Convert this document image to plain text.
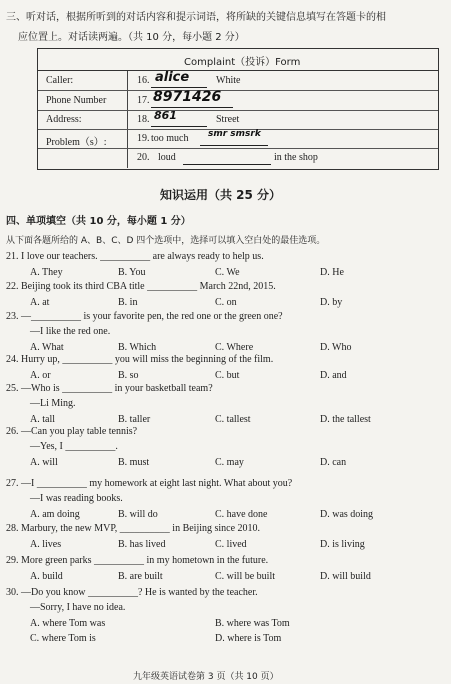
三、听对话，根据所听到的对话内容和提示词语，将所缺的关键信息填写在答题卡的相
应位置上。对话读两遍。（共 10 分，每小题 2 分）
Complaint（投诉）Form
Caller:	16. alice	White
Phone Number	17. 8971426
Address:	18. 861	Street
Problem（s）:	19. too much smr smsrk
20. loud	in the shop
知识运用（共 25 分）
四、单项填空（共 10 分，每小题 1 分）
从下面各题所给的 A、B、C、D 四个选项中，选择可以填入空白处的最佳选项。
21. I love our teachers. __________ are always ready to help us.
A. They	B. You	C. We	D. He
22. Beijing took its third CBA title __________ March 22nd, 2015.
A. at	B. in	C. on	D. by
23. —__________ is your favorite pen, the red one or the green one?
—I like the red one.
A. What	B. Which	C. Where	D. Who
24. Hurry up, __________ you will miss the beginning of the film.
A. or	B. so	C. but	D. and
25. —Who is __________ in your basketball team?
—Li Ming.
A. tall	B. taller	C. tallest	D. the tallest
26. —Can you play table tennis?
—Yes, I __________.
A. will	B. must	C. may	D. can
27. —I __________ my homework at eight last night. What about you?
—I was reading books.
A. am doing	B. will do	C. have done	D. was doing
28. Marbury, the new MVP, __________ in Beijing since 2010.
A. lives	B. has lived	C. lived	D. is living
29. More green parks __________ in my hometown in the future.
A. build	B. are built	C. will be built	D. will build
30. —Do you know __________? He is wanted by the teacher.
—Sorry, I have no idea.
A. where Tom was	B. where was Tom
C. where Tom is	D. where is Tom
九年级英语试卷第 3 页（共 10 页）
